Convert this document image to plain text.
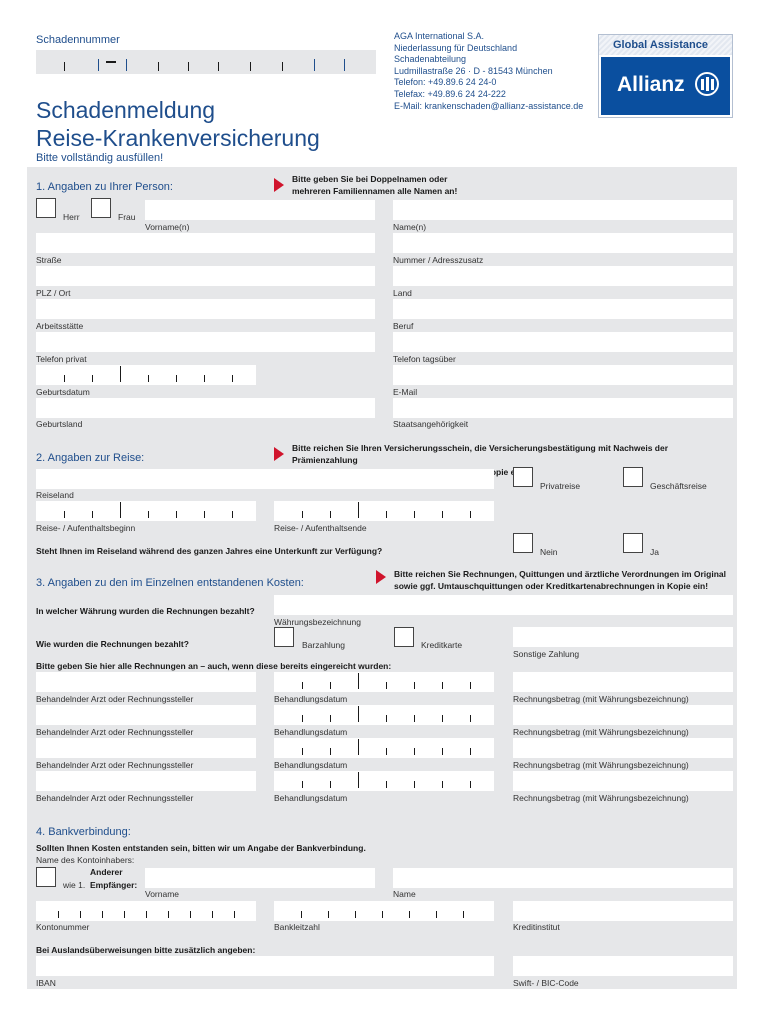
Schadennummer	AGA International S.A.
Niederlassung für Deutschland
Schadenabteilung
Ludmillastraße 26 · D - 81543 München
Telefon: +49.89.6 24 24-0
Telefax: +49.89.6 24 24-222
E-Mail: krankenschaden@allianz-assistance.de
Global Assistance
Allianz
Schadenmeldung
Reise-Krankenversicherung
Bitte vollständig ausfüllen!
1. Angaben zu Ihrer Person:
Bitte geben Sie bei Doppelnamen oder
mehreren Familiennamen alle Namen an!
Herr	Frau
Vorname(n)	Name(n)
Straße	Nummer / Adresszusatz
PLZ / Ort	Land
Arbeitsstätte	Beruf
Telefon privat	Telefon tagsüber
Geburtsdatum	E-Mail
Geburtsland	Staatsangehörigkeit
2. Angaben zur Reise:
Bitte reichen Sie Ihren Versicherungsschein, die Versicherungsbestätigung mit Nachweis der Prämienzahlung
Kopie
Reiseland
Privatreise	Geschäftsreise
Reise- / Aufenthaltsbeginn	Reise- / Aufenthaltsende
Steht Ihnen im Reiseland während des ganzen Jahres eine Unterkunft zur Verfügung?	Nein	Ja
3. Angaben zu den im Einzelnen entstandenen Kosten:
Bitte reichen Sie Rechnungen, Quittungen und ärztliche Verordnungen im Original
sowie ggf. Umtauschquittungen oder Kreditkartenabrechnungen in Kopie ein!
In welcher Währung wurden die Rechnungen bezahlt?
Währungsbezeichnung
Wie wurden die Rechnungen bezahlt?	Barzahlung	Kreditkarte
Sonstige Zahlung
Bitte geben Sie hier alle Rechnungen an – auch, wenn diese bereits eingereicht wurden:
Behandelnder Arzt oder Rechnungssteller	Behandlungsdatum	Rechnungsbetrag (mit Währungsbezeichnung)
Behandelnder Arzt oder Rechnungssteller	Behandlungsdatum	Rechnungsbetrag (mit Währungsbezeichnung)
Behandelnder Arzt oder Rechnungssteller	Behandlungsdatum	Rechnungsbetrag (mit Währungsbezeichnung)
Behandelnder Arzt oder Rechnungssteller	Behandlungsdatum	Rechnungsbetrag (mit Währungsbezeichnung)
4. Bankverbindung:
Sollten Ihnen Kosten entstanden sein, bitten wir um Angabe der Bankverbindung.
Name des Kontoinhabers:
Anderer
wie 1. Empfänger:
Vorname	Name
Kontonummer	Bankleitzahl	Kreditinstitut
Bei Auslandsüberweisungen bitte zusätzlich angeben:
IBAN	Swift- / BIC-Code
